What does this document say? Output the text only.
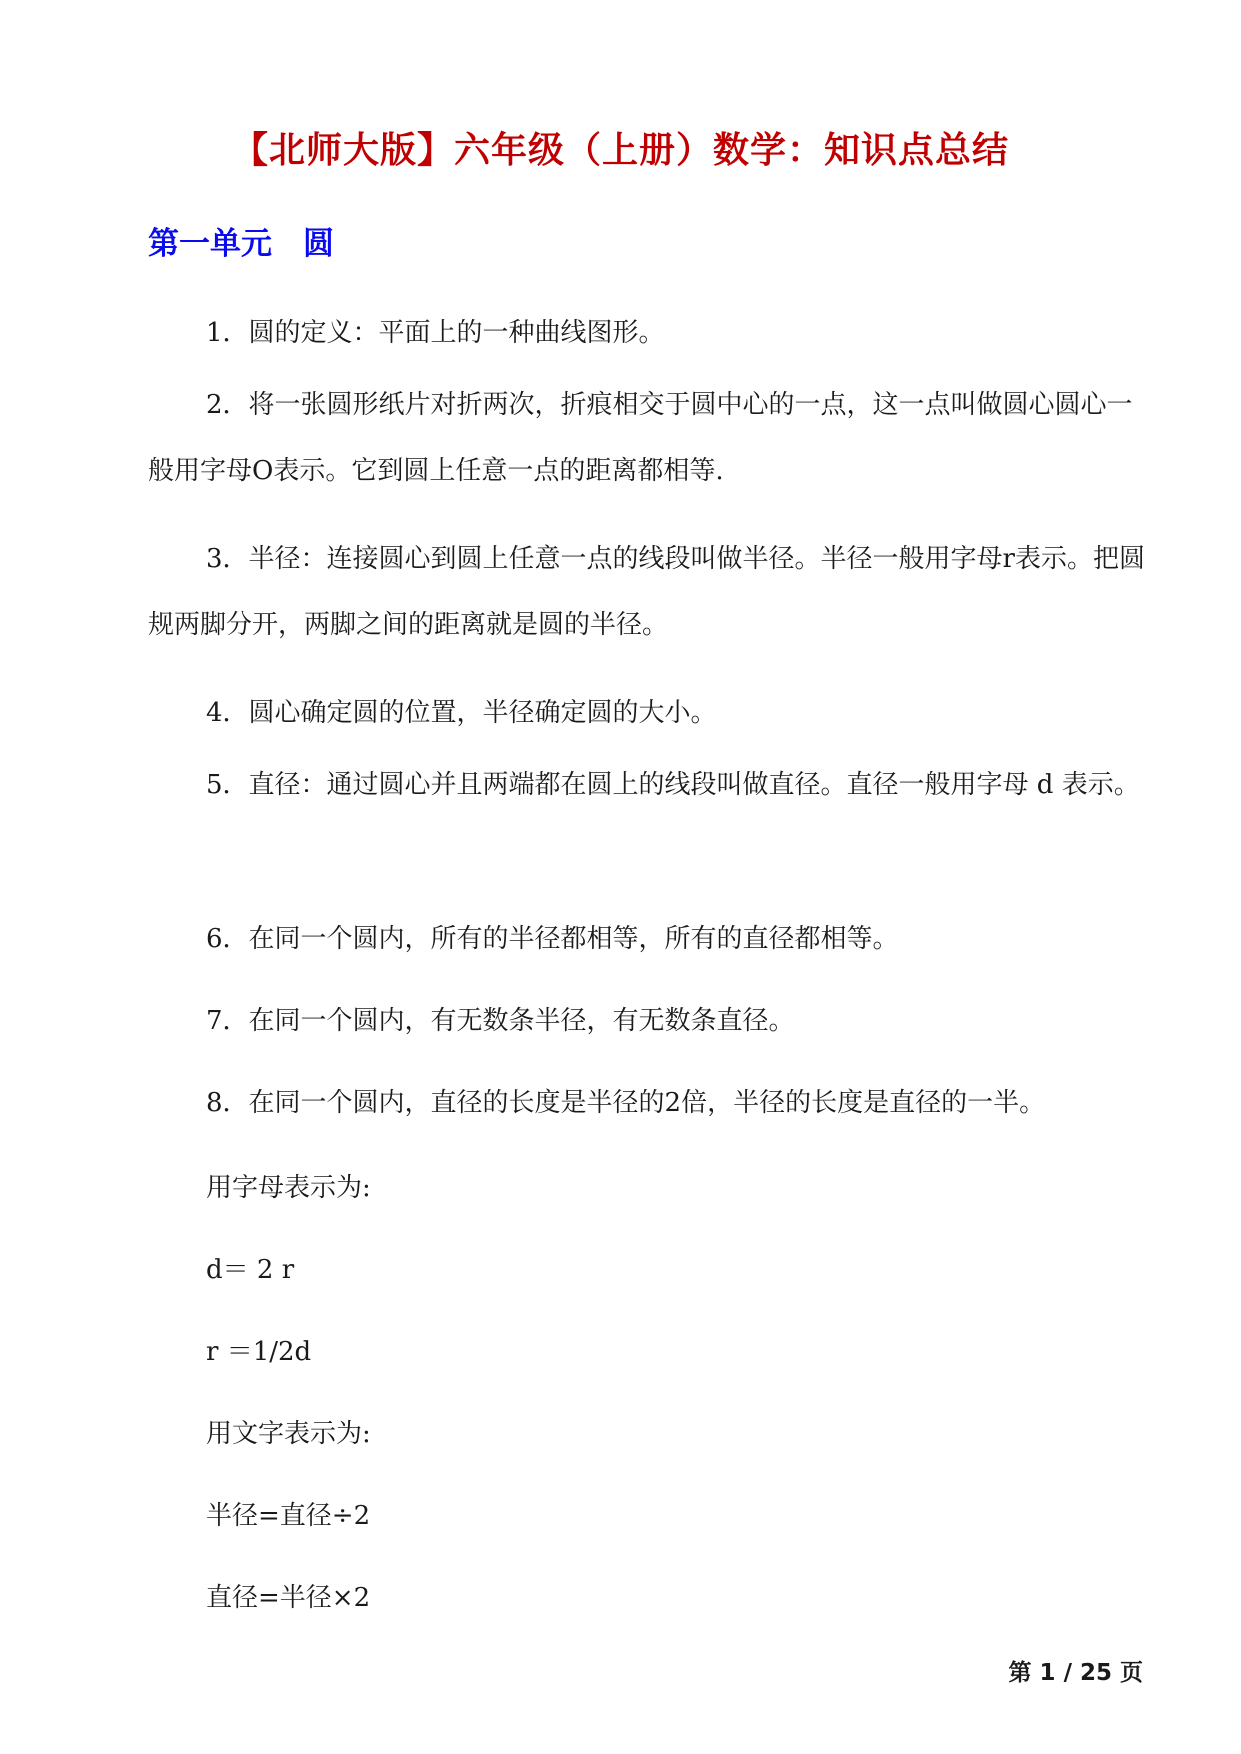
【北师大版】六年级（上册）数学：知识点总结
第一单元　圆

1．圆的定义：平面上的一种曲线图形。

2．将一张圆形纸片对折两次，折痕相交于圆中心的一点，这一点叫做圆心圆心一般用字母O表示。它到圆上任意一点的距离都相等.

3．半径：连接圆心到圆上任意一点的线段叫做半径。半径一般用字母r表示。把圆规两脚分开，两脚之间的距离就是圆的半径。

4．圆心确定圆的位置，半径确定圆的大小。

5．直径：通过圆心并且两端都在圆上的线段叫做直径。直径一般用字母 d 表示。

6．在同一个圆内，所有的半径都相等，所有的直径都相等。

7．在同一个圆内，有无数条半径，有无数条直径。

8．在同一个圆内，直径的长度是半径的2倍，半径的长度是直径的一半。

用字母表示为:

d＝ 2 r

r ＝1/2d

用文字表示为:

半径=直径÷2

直径=半径×2

第 1 / 25 页
